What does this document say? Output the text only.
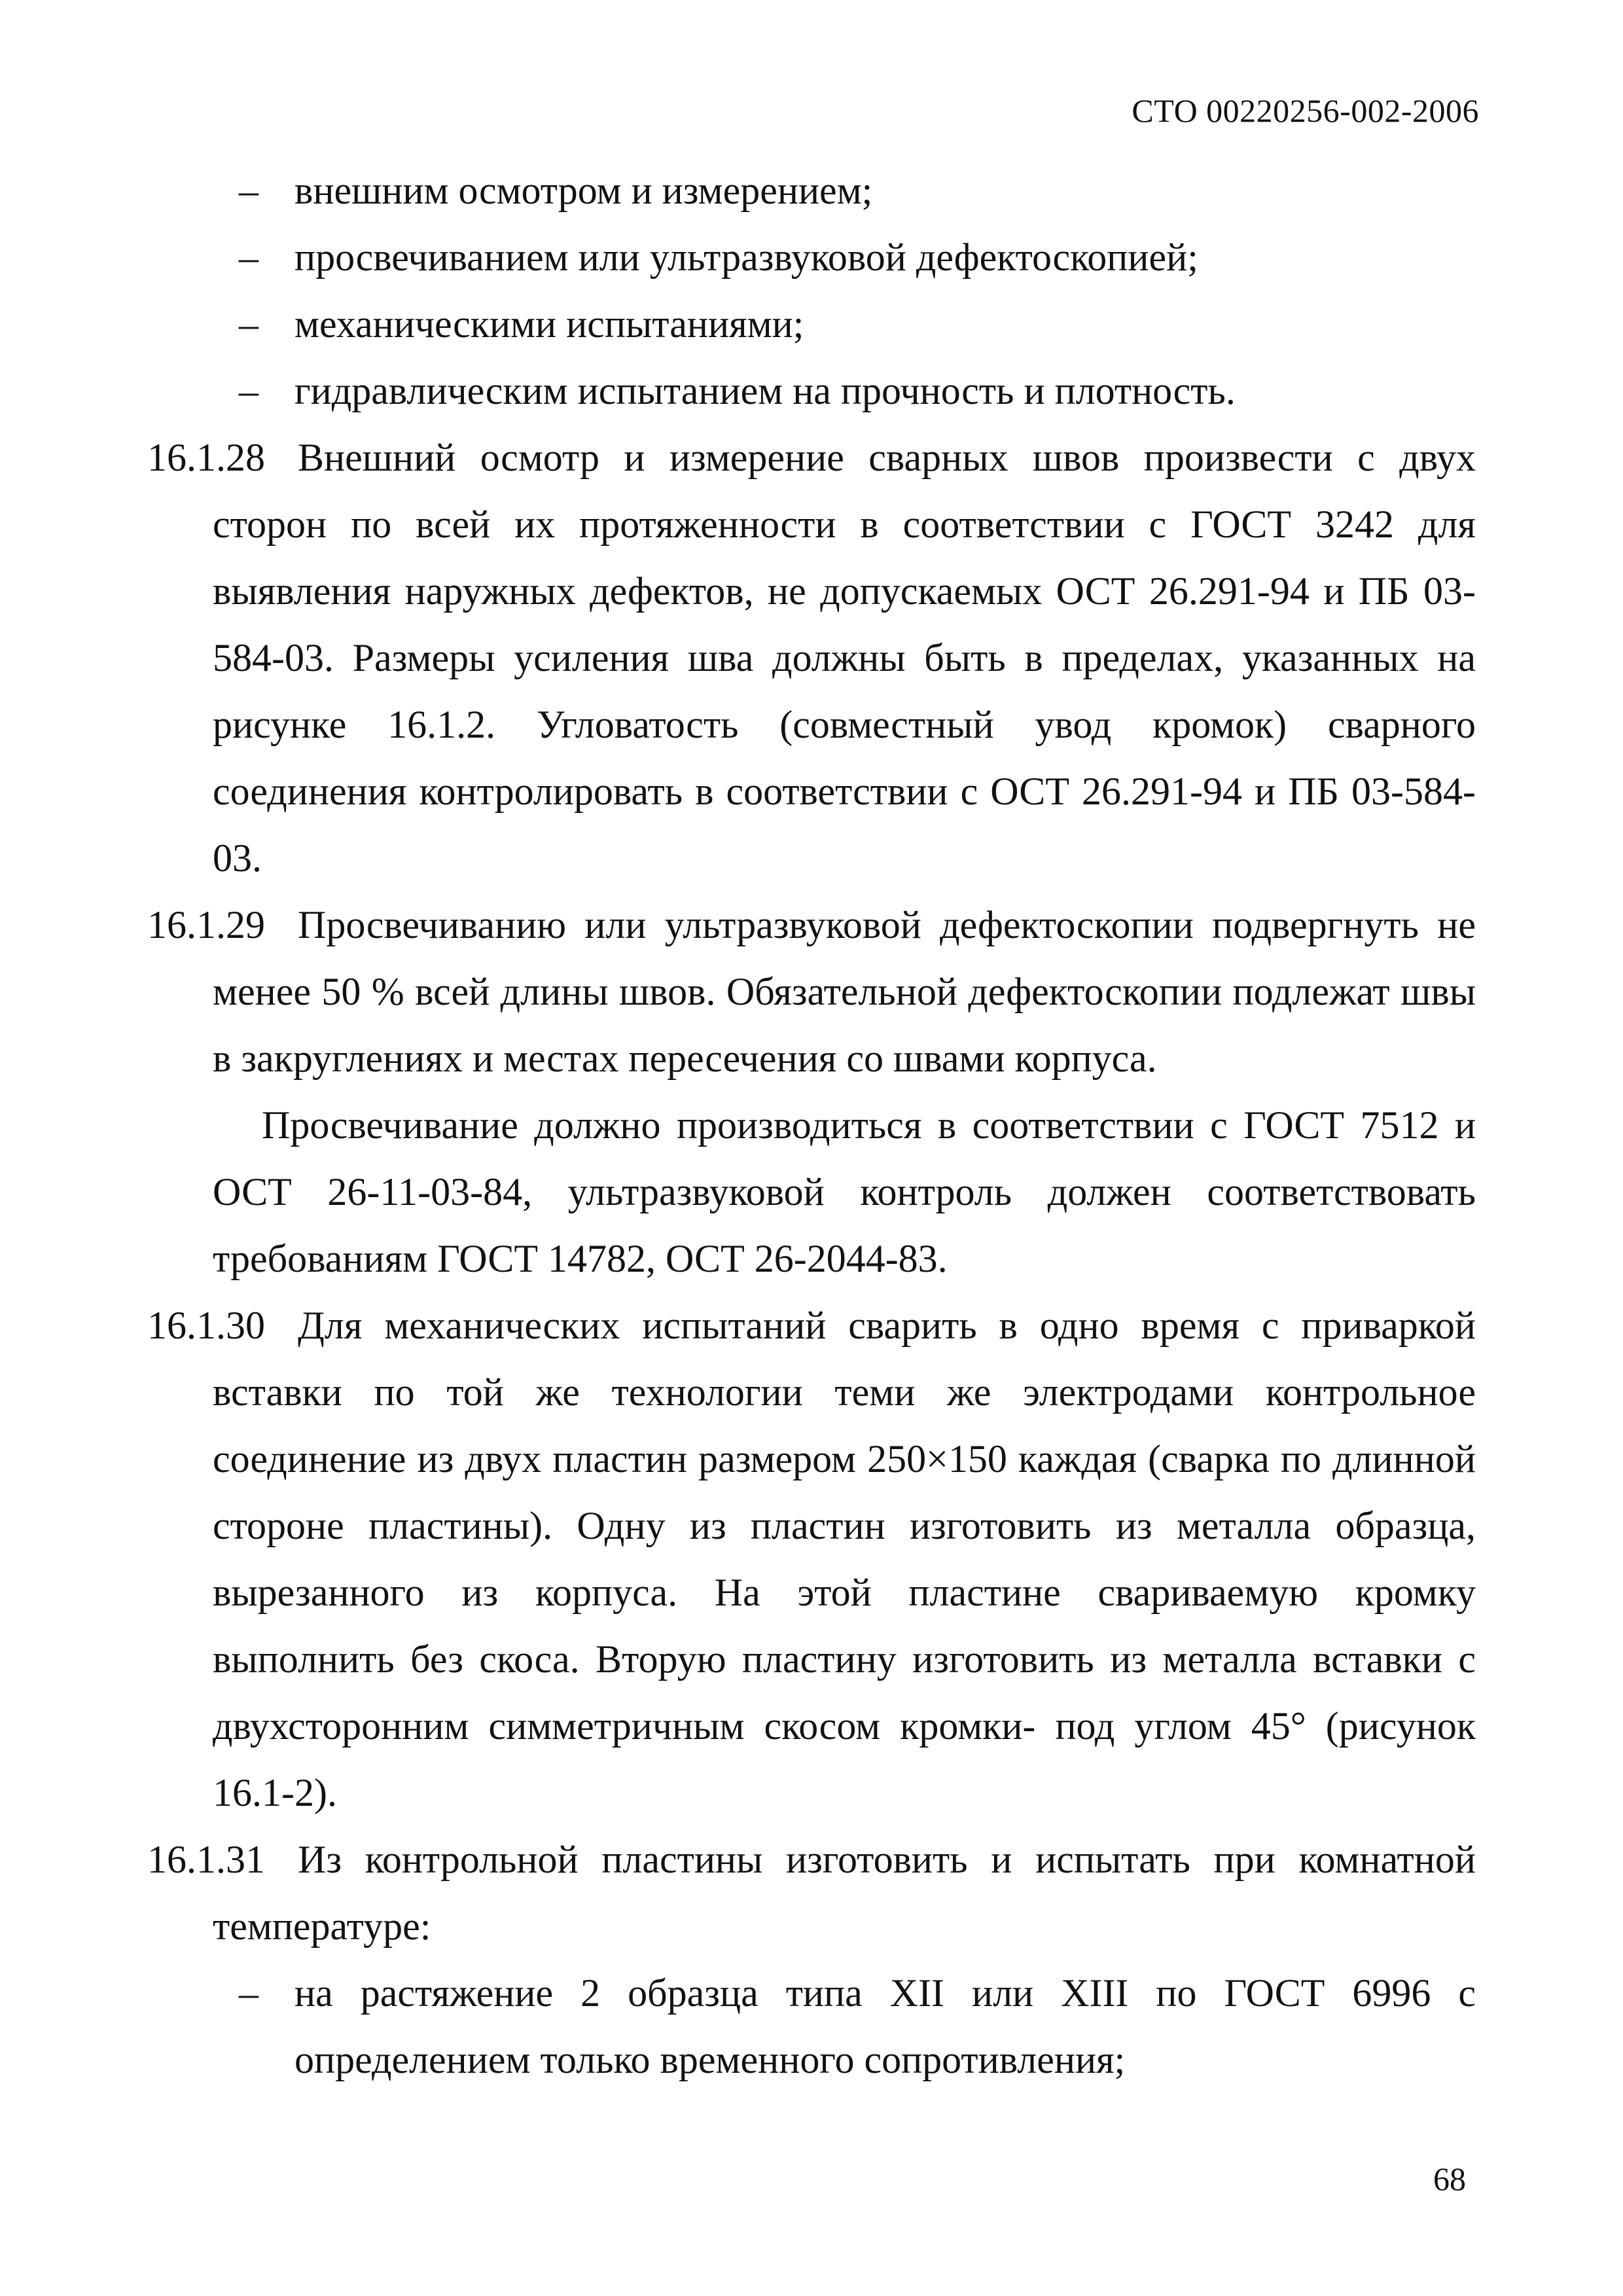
СТО 00220256-002-2006
– внешним осмотром и измерением;
– просвечиванием или ультразвуковой дефектоскопией;
– механическими испытаниями;
– гидравлическим испытанием на прочность и плотность.
16.1.28 Внешний осмотр и измерение сварных швов произвести с двух сторон по всей их протяженности в соответствии с ГОСТ 3242 для выявления наружных дефектов, не допускаемых ОСТ 26.291-94 и ПБ 03-584-03. Размеры усиления шва должны быть в пределах, указанных на рисунке 16.1.2. Угловатость (совместный увод кромок) сварного соединения контролировать в соответствии с ОСТ 26.291-94 и ПБ 03-584-03.
16.1.29 Просвечиванию или ультразвуковой дефектоскопии подвергнуть не менее 50 % всей длины швов. Обязательной дефектоскопии подлежат швы в закруглениях и местах пересечения со швами корпуса.
Просвечивание должно производиться в соответствии с ГОСТ 7512 и ОСТ 26-11-03-84, ультразвуковой контроль должен соответствовать требованиям ГОСТ 14782, ОСТ 26-2044-83.
16.1.30 Для механических испытаний сварить в одно время с приваркой вставки по той же технологии теми же электродами контрольное соединение из двух пластин размером 250×150 каждая (сварка по длинной стороне пластины). Одну из пластин изготовить из металла образца, вырезанного из корпуса. На этой пластине свариваемую кромку выполнить без скоса. Вторую пластину изготовить из металла вставки с двухсторонним симметричным скосом кромки- под углом 45° (рисунок 16.1-2).
16.1.31 Из контрольной пластины изготовить и испытать при комнатной температуре:
– на растяжение 2 образца типа XII или XIII по ГОСТ 6996 с определением только временного сопротивления;
68
